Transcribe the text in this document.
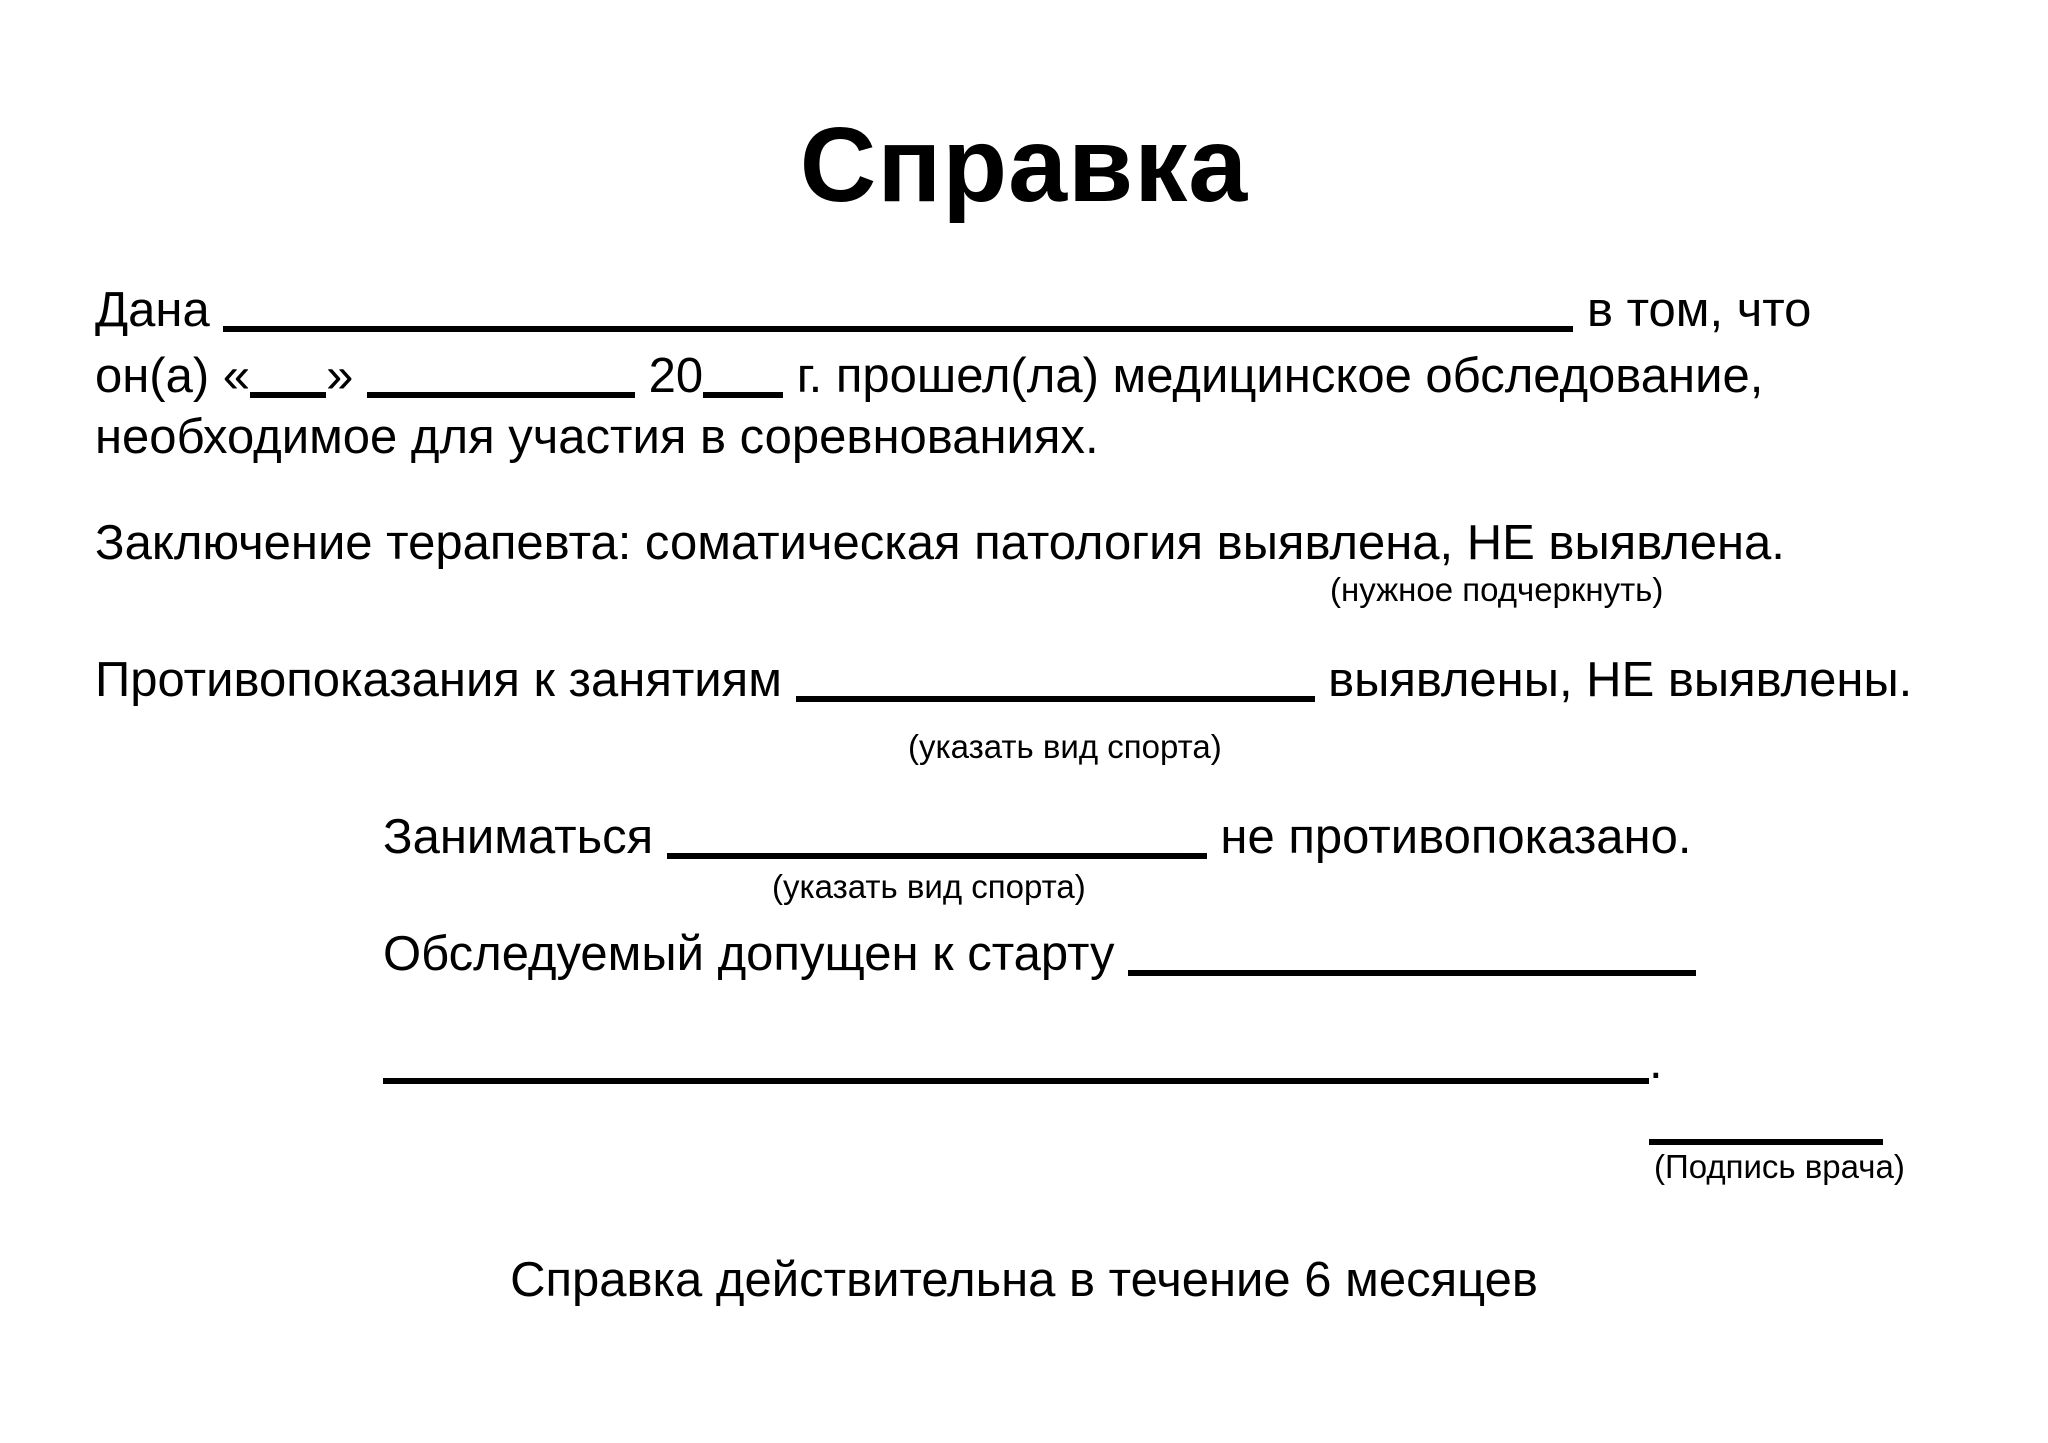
Справка
Дана	в том, что
он(а) « »	20 г. прошел(ла) медицинское обследование,
необходимое для участия в соревнованиях.
Заключение терапевта: соматическая патология выявлена, НЕ выявлена.
(нужное подчеркнуть)
Противопоказания к занятиям	выявлены, НЕ выявлены.
(указать вид спорта)
Заниматься	не противопоказано.
(указать вид спорта)
Обследуемый допущен к старту
.
(Подпись врача)
Справка действительна в течение 6 месяцев
